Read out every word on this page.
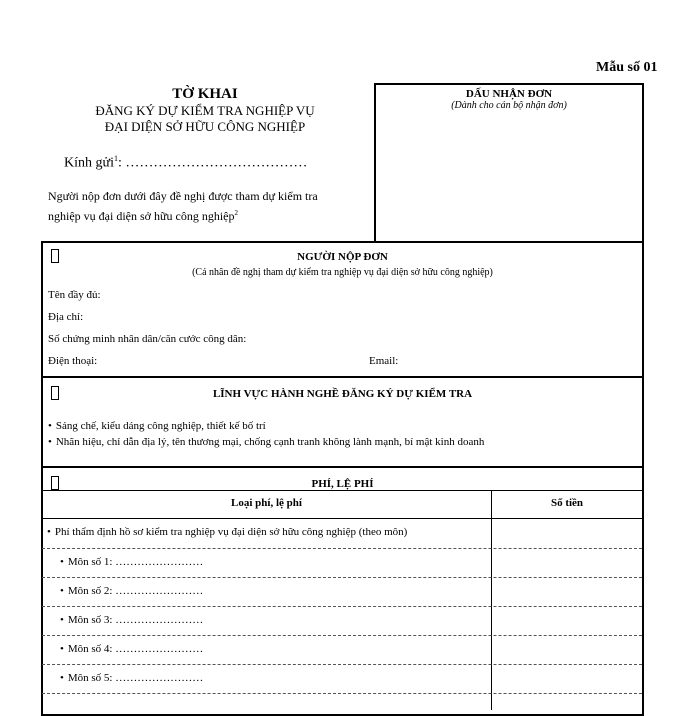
Mẫu số 01
TỜ KHAI
ĐĂNG KÝ DỰ KIỂM TRA NGHIỆP VỤ
ĐẠI DIỆN SỞ HỮU CÔNG NGHIỆP
Kính gửi$^1$: …………………………………
Người nộp đơn dưới đây đề nghị được tham dự kiểm tra
nghiệp vụ đại diện sở hữu công nghiệp$^2$
DẤU NHẬN ĐƠN
(Dành cho cán bộ nhận đơn)
NGƯỜI NỘP ĐƠN
(Cá nhân đề nghị tham dự kiểm tra nghiệp vụ đại diện sở hữu công nghiệp)
Tên đầy đủ:
Địa chỉ:
Số chứng minh nhân dân/căn cước công dân:
Điện thoại:	Email:
LĨNH VỰC HÀNH NGHỀ ĐĂNG KÝ DỰ KIỂM TRA
• Sáng chế, kiểu dáng công nghiệp, thiết kế bố trí
• Nhãn hiệu, chỉ dẫn địa lý, tên thương mại, chống cạnh tranh không lành mạnh, bí mật kinh doanh
PHÍ, LỆ PHÍ
Loại phí, lệ phí	Số tiền
• Phí thẩm định hồ sơ kiểm tra nghiệp vụ đại diện sở hữu công nghiệp (theo môn)
• Môn số 1: ……………………
• Môn số 2: ……………………
• Môn số 3: ……………………
• Môn số 4: ……………………
• Môn số 5: ……………………
